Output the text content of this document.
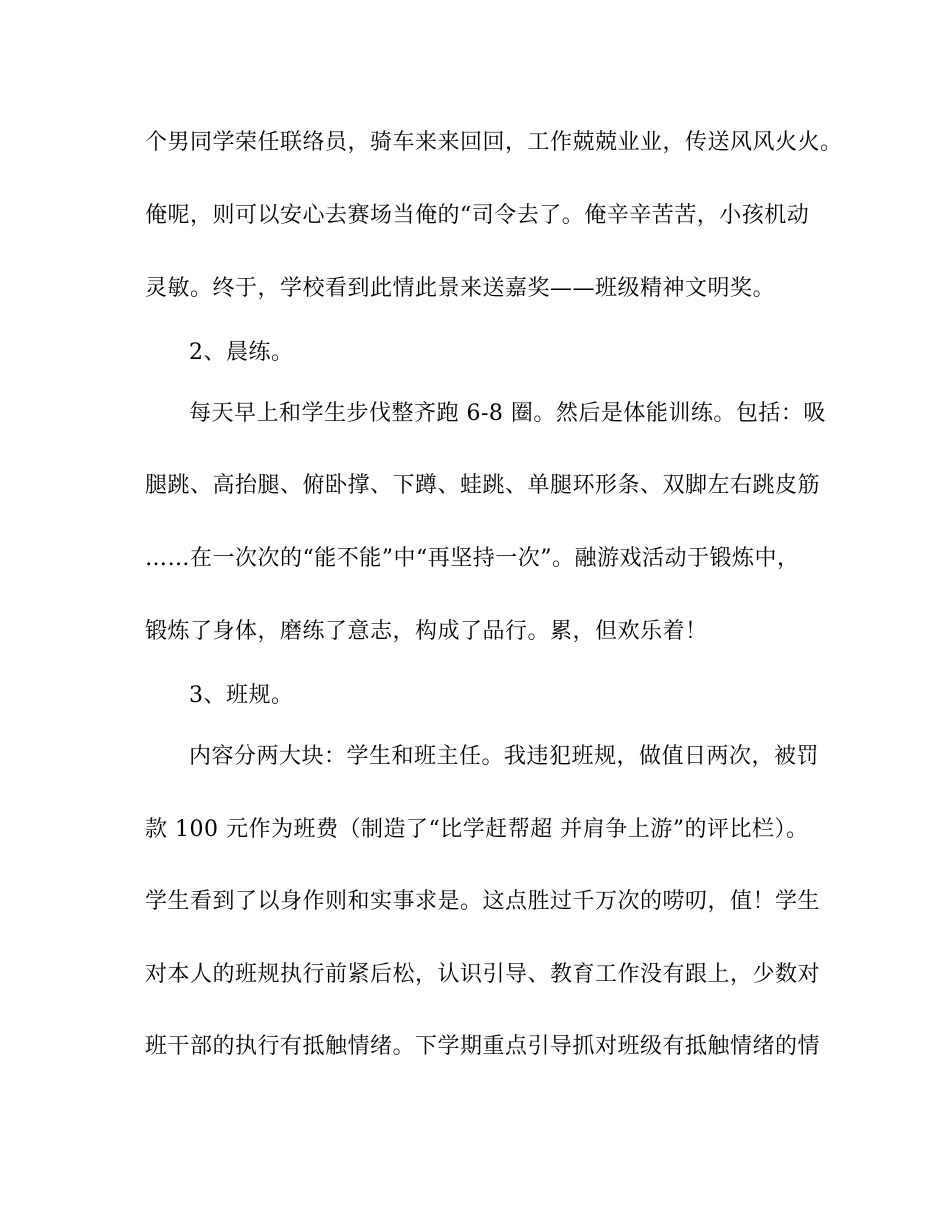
个男同学荣任联络员，骑车来来回回，工作兢兢业业，传送风风火火。
俺呢，则可以安心去赛场当俺的“司令去了。俺辛辛苦苦，小孩机动
灵敏。终于，学校看到此情此景来送嘉奖——班级精神文明奖。
2、晨练。
每天早上和学生步伐整齐跑 6-8 圈。然后是体能训练。包括：吸
腿跳、高抬腿、俯卧撑、下蹲、蛙跳、单腿环形条、双脚左右跳皮筋
……在一次次的“能不能”中“再坚持一次”。融游戏活动于锻炼中，
锻炼了身体，磨练了意志，构成了品行。累，但欢乐着！
3、班规。
内容分两大块：学生和班主任。我违犯班规，做值日两次，被罚
款 100 元作为班费（制造了“比学赶帮超 并肩争上游”的评比栏）。
学生看到了以身作则和实事求是。这点胜过千万次的唠叨，值！学生
对本人的班规执行前紧后松，认识引导、教育工作没有跟上，少数对
班干部的执行有抵触情绪。下学期重点引导抓对班级有抵触情绪的情
